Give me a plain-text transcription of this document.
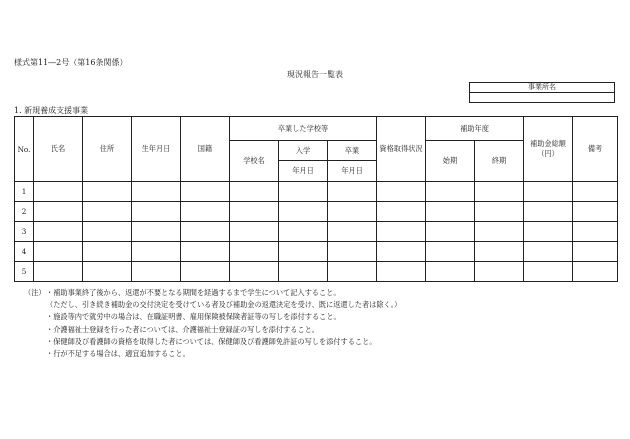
様式第11―2号（第16条関係）
現況報告一覧表
事業所名

1. 新規養成支援事業
No.	氏名	住所	生年月日	国籍	卒業した学校等			資格取得状況	補助年度		補助金総額（円）	備考
					学校名	入学	卒業		始期	終期		
						年月日	年月日					
1												
2												
3												
4												
5												
（注） ・補助事業終了後から、返還が不要となる期間を経過するまで学生について記入すること。
（ただし、引き続き補助金の交付決定を受けている者及び補助金の返還決定を受け、既に返還した者は除く。）
・施設等内で就労中の場合は、在職証明書、雇用保険被保険者証等の写しを添付すること。
・介護福祉士登録を行った者については、介護福祉士登録証の写しを添付すること。
・保健師及び看護師の資格を取得した者については、保健師及び看護師免許証の写しを添付すること。
・行が不足する場合は、適宜追加すること。
